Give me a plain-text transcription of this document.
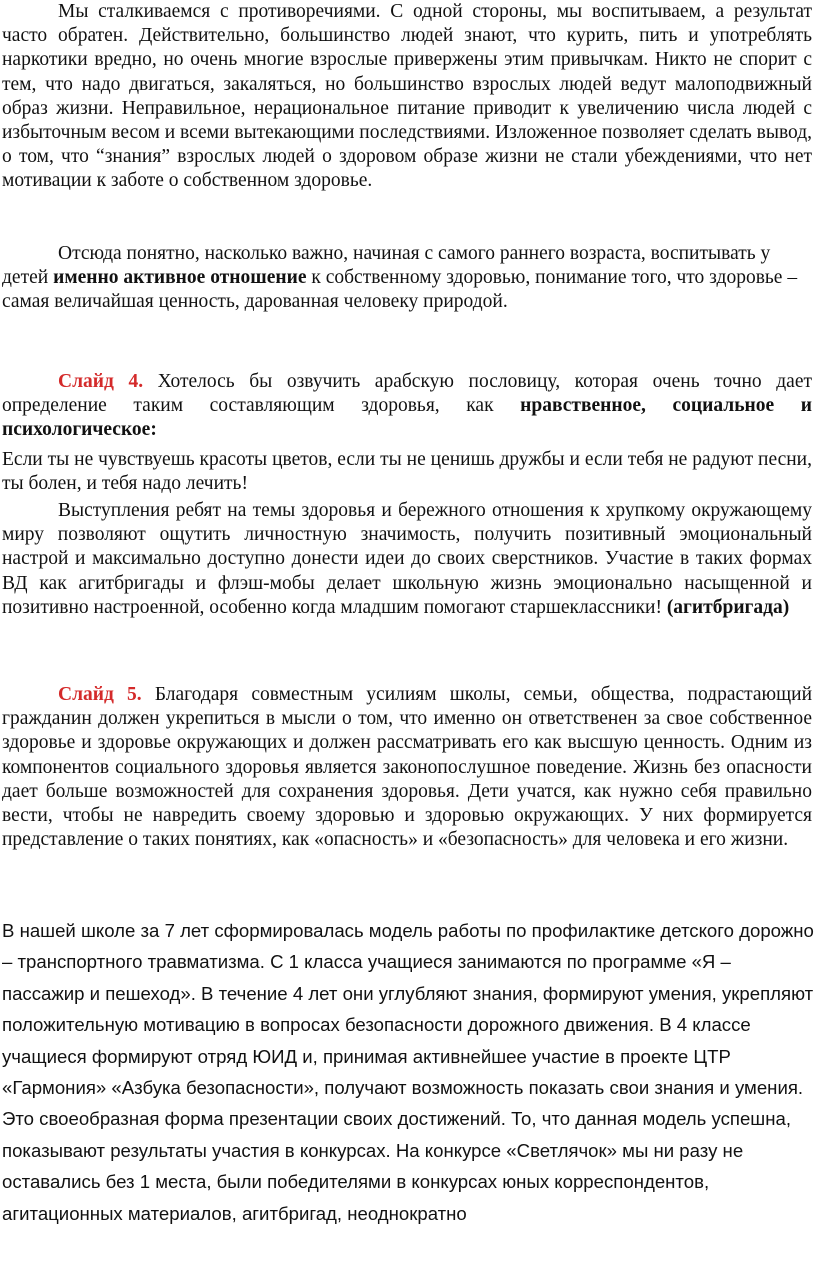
Мы сталкиваемся с противоречиями. С одной стороны, мы воспитываем, а результат часто обратен. Действительно, большинство людей знают, что курить, пить и употреблять наркотики вредно, но очень многие взрослые привержены этим привычкам. Никто не спорит с тем, что надо двигаться, закаляться, но большинство взрослых людей ведут малоподвижный образ жизни. Неправильное, нерациональное питание приводит к увеличению числа людей с избыточным весом и всеми вытекающими последствиями. Изложенное позволяет сделать вывод, о том, что “знания” взрослых людей о здоровом образе жизни не стали убеждениями, что нет мотивации к заботе о собственном здоровье.

Отсюда понятно, насколько важно, начиная с самого раннего возраста, воспитывать у детей именно активное отношение к собственному здоровью, понимание того, что здоровье – самая величайшая ценность, дарованная человеку природой.

Слайд 4. Хотелось бы озвучить арабскую пословицу, которая очень точно дает определение таким составляющим здоровья, как нравственное, социальное и психологическое:

Если ты не чувствуешь красоты цветов, если ты не ценишь дружбы и если тебя не радуют песни, ты болен, и тебя надо лечить!

Выступления ребят на темы здоровья и бережного отношения к хрупкому окружающему миру позволяют ощутить личностную значимость, получить позитивный эмоциональный настрой и максимально доступно донести идеи до своих сверстников. Участие в таких формах ВД как агитбригады и флэш-мобы делает школьную жизнь эмоционально насыщенной и позитивно настроенной, особенно когда младшим помогают старшеклассники! (агитбригада)

Слайд 5. Благодаря совместным усилиям школы, семьи, общества, подрастающий гражданин должен укрепиться в мысли о том, что именно он ответственен за свое собственное здоровье и здоровье окружающих и должен рассматривать его как высшую ценность. Одним из компонентов социального здоровья является законопослушное поведение. Жизнь без опасности дает больше возможностей для сохранения здоровья. Дети учатся, как нужно себя правильно вести, чтобы не навредить своему здоровью и здоровью окружающих. У них формируется представление о таких понятиях, как «опасность» и «безопасность» для человека и его жизни.

В нашей школе за 7 лет сформировалась модель работы по профилактике детского дорожно – транспортного травматизма. С 1 класса учащиеся занимаются по программе «Я – пассажир и пешеход». В течение 4 лет они углубляют знания, формируют умения, укрепляют положительную мотивацию в вопросах безопасности дорожного движения. В 4 классе учащиеся формируют отряд ЮИД и, принимая активнейшее участие в проекте ЦТР «Гармония» «Азбука безопасности», получают возможность показать свои знания и умения. Это своеобразная форма презентации своих достижений. То, что данная модель успешна, показывают результаты участия в конкурсах. На конкурсе «Светлячок» мы ни разу не оставались без 1 места, были победителями в конкурсах юных корреспондентов, агитационных материалов, агитбригад, неоднократно
